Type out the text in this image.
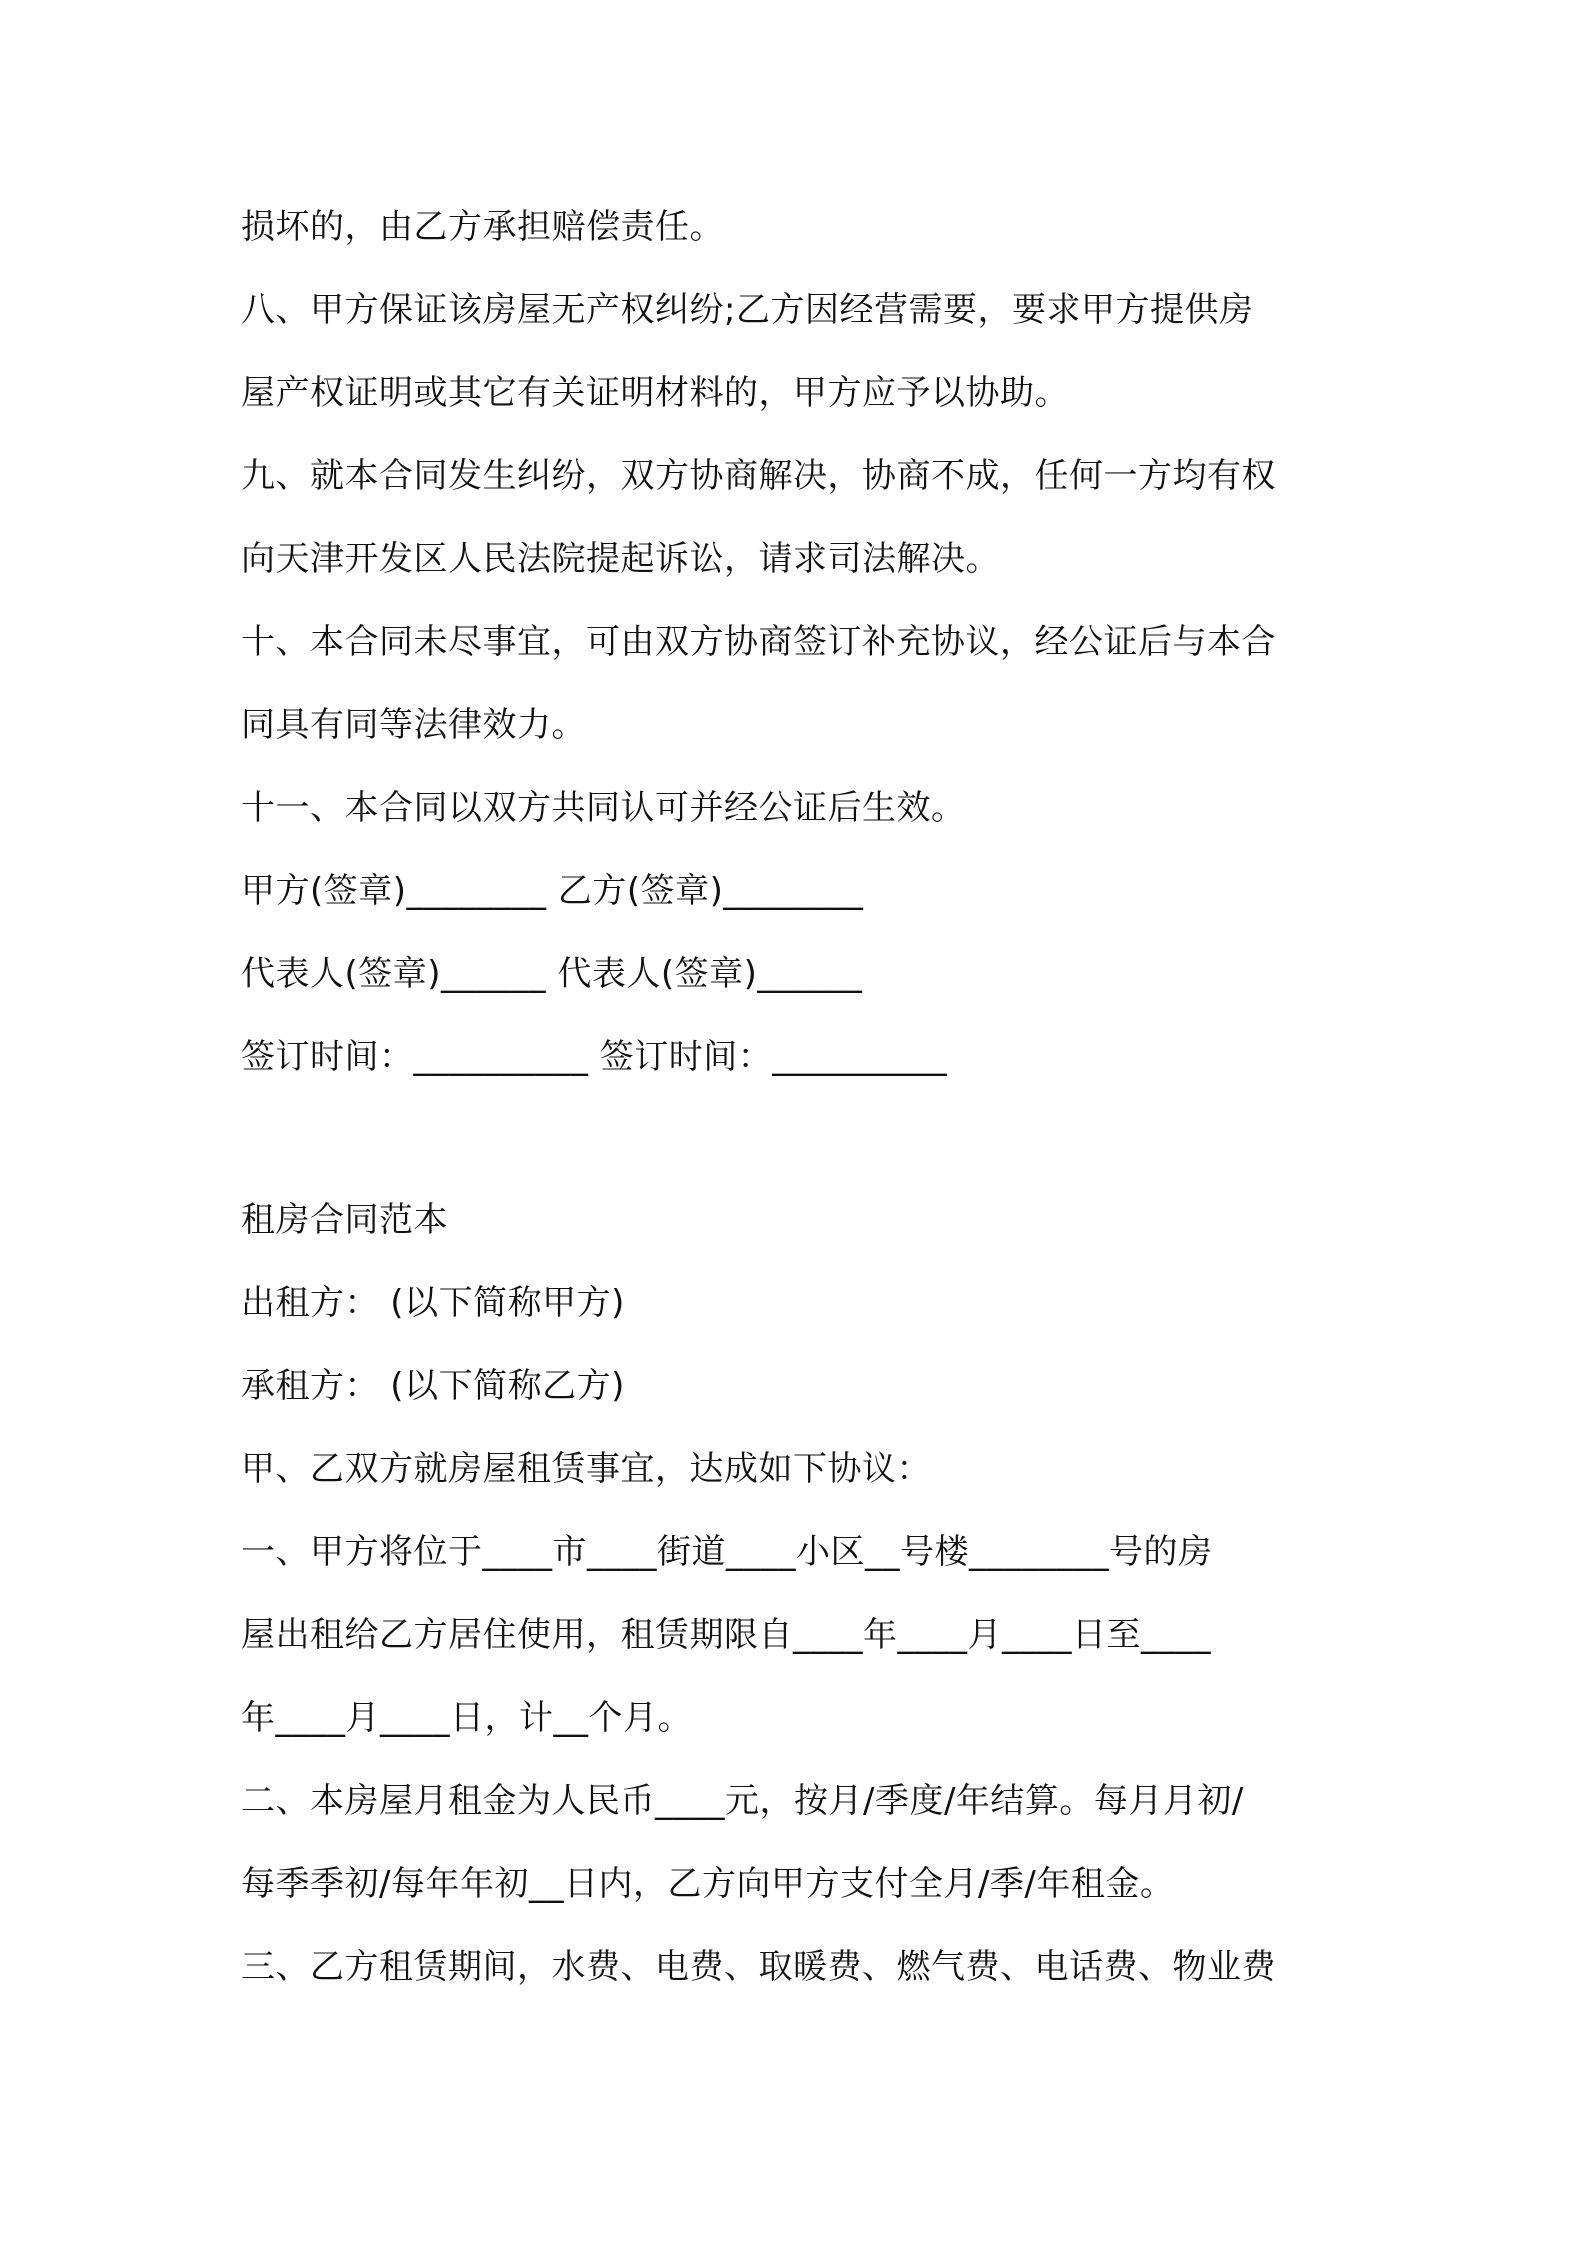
损坏的，由乙方承担赔偿责任。
八、甲方保证该房屋无产权纠纷;乙方因经营需要，要求甲方提供房
屋产权证明或其它有关证明材料的，甲方应予以协助。
九、就本合同发生纠纷，双方协商解决，协商不成，任何一方均有权
向天津开发区人民法院提起诉讼，请求司法解决。
十、本合同未尽事宜，可由双方协商签订补充协议，经公证后与本合
同具有同等法律效力。
十一、本合同以双方共同认可并经公证后生效。
甲方(签章)________ 乙方(签章)________
代表人(签章)______ 代表人(签章)______
签订时间：__________ 签订时间：__________
租房合同范本
出租方： (以下简称甲方)
承租方： (以下简称乙方)
甲、乙双方就房屋租赁事宜，达成如下协议：
一、甲方将位于____市____街道____小区__号楼________号的房
屋出租给乙方居住使用，租赁期限自____年____月____日至____
年____月____日，计__个月。
二、本房屋月租金为人民币____元，按月/季度/年结算。每月月初/
每季季初/每年年初__日内，乙方向甲方支付全月/季/年租金。
三、乙方租赁期间，水费、电费、取暖费、燃气费、电话费、物业费
